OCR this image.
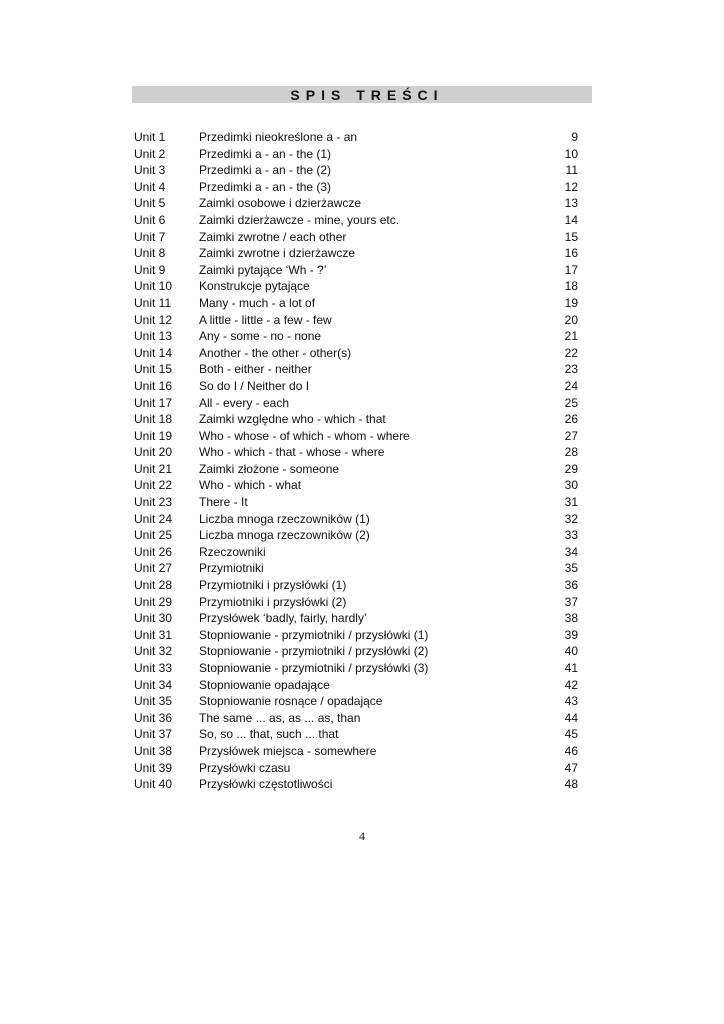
SPIS TREŚCI
Unit 1	Przedimki nieokreślone a - an	9
Unit 2	Przedimki a - an - the (1)	10
Unit 3	Przedimki a - an - the (2)	11
Unit 4	Przedimki a - an - the (3)	12
Unit 5	Zaimki osobowe i dzierżawcze	13
Unit 6	Zaimki dzierżawcze - mine, yours etc.	14
Unit 7	Zaimki zwrotne / each other	15
Unit 8	Zaimki zwrotne i dzierżawcze	16
Unit 9	Zaimki pytające ‘Wh - ?’	17
Unit 10 Konstrukcje pytające	18
Unit 11 Many - much - a lot of	19
Unit 12 A little - little - a few - few	20
Unit 13 Any - some - no - none	21
Unit 14 Another - the other - other(s)	22
Unit 15 Both - either - neither	23
Unit 16 So do I / Neither do I	24
Unit 17 All - every - each	25
Unit 18 Zaimki względne who - which - that	26
Unit 19 Who - whose - of which - whom - where	27
Unit 20 Who - which - that - whose - where	28
Unit 21 Zaimki złożone - someone	29
Unit 22 Who - which - what	30
Unit 23 There - It	31
Unit 24 Liczba mnoga rzeczowników (1)	32
Unit 25 Liczba mnoga rzeczowników (2)	33
Unit 26 Rzeczowniki	34
Unit 27 Przymiotniki	35
Unit 28 Przymiotniki i przysłówki (1)	36
Unit 29 Przymiotniki i przysłówki (2)	37
Unit 30 Przysłówek ‘badly, fairly, hardly’	38
Unit 31 Stopniowanie - przymiotniki / przysłówki (1)	39
Unit 32 Stopniowanie - przymiotniki / przysłówki (2)	40
Unit 33 Stopniowanie - przymiotniki / przysłówki (3)	41
Unit 34 Stopniowanie opadające	42
Unit 35 Stopniowanie rosnące / opadające	43
Unit 36 The same ... as, as ... as, than	44
Unit 37 So, so ... that, such ... that	45
Unit 38 Przysłówek miejsca - somewhere	46
Unit 39 Przysłówki czasu	47
Unit 40 Przysłówki częstotliwości	48
4
